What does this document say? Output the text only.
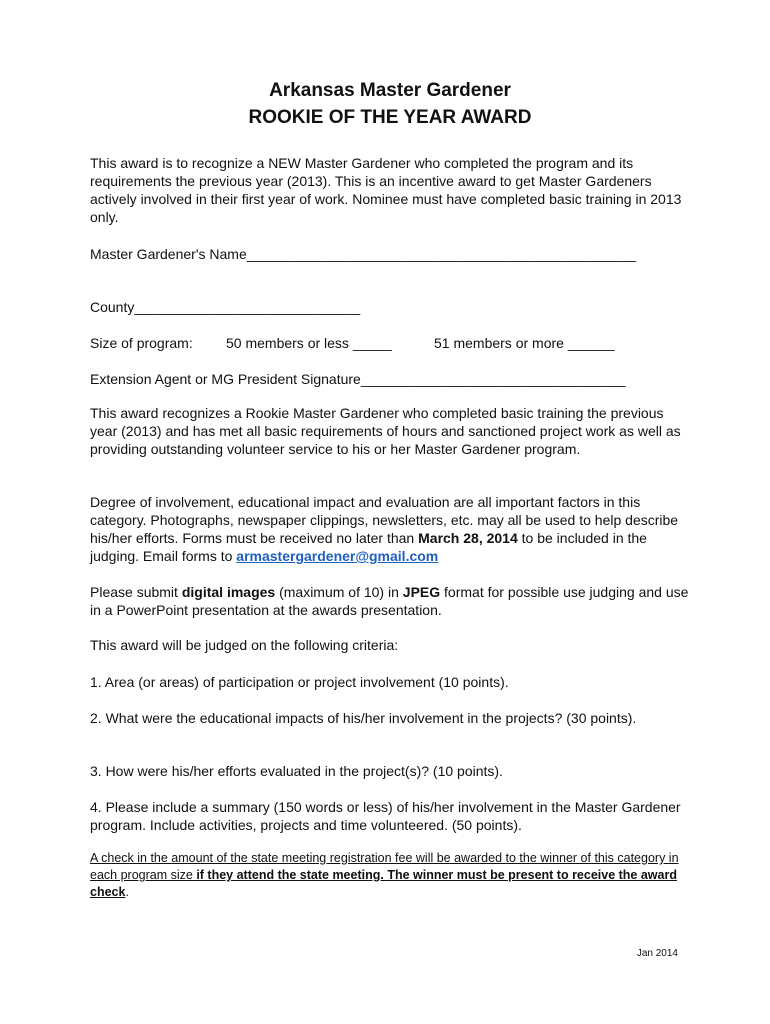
Arkansas Master Gardener
ROOKIE OF THE YEAR AWARD

This award is to recognize a NEW Master Gardener who completed the program and its requirements the previous year (2013). This is an incentive award to get Master Gardeners actively involved in their first year of work. Nominee must have completed basic training in 2013 only.

Master Gardener's Name__________________________________________________

County_____________________________

Size of program: 50 members or less _____	51 members or more ______

Extension Agent or MG President Signature__________________________________

This award recognizes a Rookie Master Gardener who completed basic training the previous year (2013) and has met all basic requirements of hours and sanctioned project work as well as providing outstanding volunteer service to his or her Master Gardener program.

Degree of involvement, educational impact and evaluation are all important factors in this category. Photographs, newspaper clippings, newsletters, etc. may all be used to help describe his/her efforts. Forms must be received no later than March 28, 2014 to be included in the judging. Email forms to armastergardener@gmail.com

Please submit digital images (maximum of 10) in JPEG format for possible use judging and use in a PowerPoint presentation at the awards presentation.

This award will be judged on the following criteria:

1. Area (or areas) of participation or project involvement (10 points).

2. What were the educational impacts of his/her involvement in the projects? (30 points).

3. How were his/her efforts evaluated in the project(s)? (10 points).

4. Please include a summary (150 words or less) of his/her involvement in the Master Gardener program. Include activities, projects and time volunteered. (50 points).

A check in the amount of the state meeting registration fee will be awarded to the winner of this category in each program size if they attend the state meeting. The winner must be present to receive the award check.

Jan 2014
